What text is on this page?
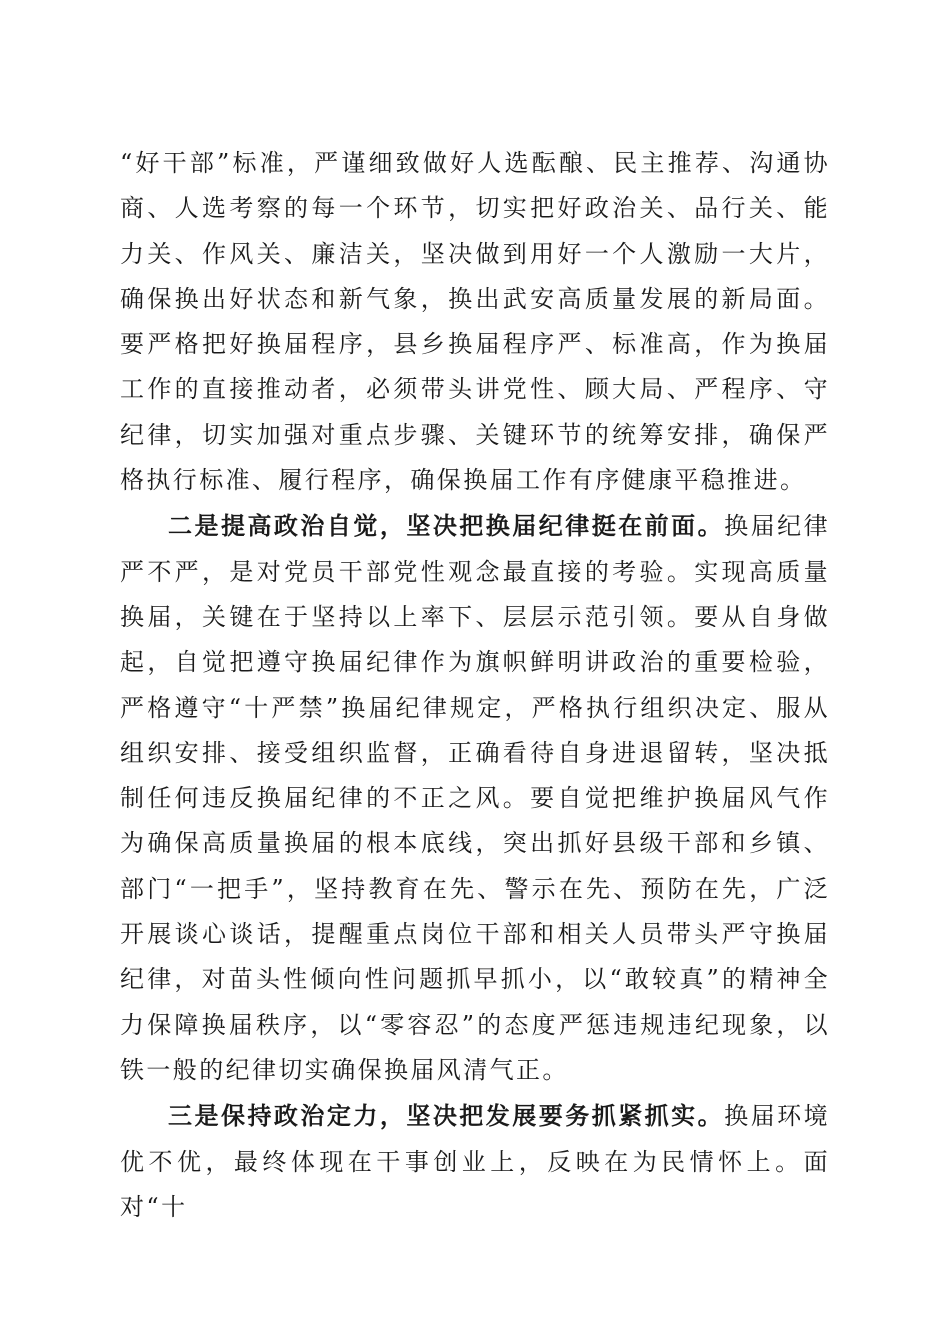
“好干部”标准，严谨细致做好人选酝酿、民主推荐、沟通协商、人选考察的每一个环节，切实把好政治关、品行关、能力关、作风关、廉洁关，坚决做到用好一个人激励一大片，确保换出好状态和新气象，换出武安高质量发展的新局面。要严格把好换届程序，县乡换届程序严、标准高，作为换届工作的直接推动者，必须带头讲党性、顾大局、严程序、守纪律，切实加强对重点步骤、关键环节的统筹安排，确保严格执行标准、履行程序，确保换届工作有序健康平稳推进。

二是提高政治自觉，坚决把换届纪律挺在前面。换届纪律严不严，是对党员干部党性观念最直接的考验。实现高质量换届，关键在于坚持以上率下、层层示范引领。要从自身做起，自觉把遵守换届纪律作为旗帜鲜明讲政治的重要检验，严格遵守“十严禁”换届纪律规定，严格执行组织决定、服从组织安排、接受组织监督，正确看待自身进退留转，坚决抵制任何违反换届纪律的不正之风。要自觉把维护换届风气作为确保高质量换届的根本底线，突出抓好县级干部和乡镇、部门“一把手”，坚持教育在先、警示在先、预防在先，广泛开展谈心谈话，提醒重点岗位干部和相关人员带头严守换届纪律，对苗头性倾向性问题抓早抓小，以“敢较真”的精神全力保障换届秩序，以“零容忍”的态度严惩违规违纪现象，以铁一般的纪律切实确保换届风清气正。

三是保持政治定力，坚决把发展要务抓紧抓实。换届环境优不优，最终体现在干事创业上，反映在为民情怀上。面对“十
